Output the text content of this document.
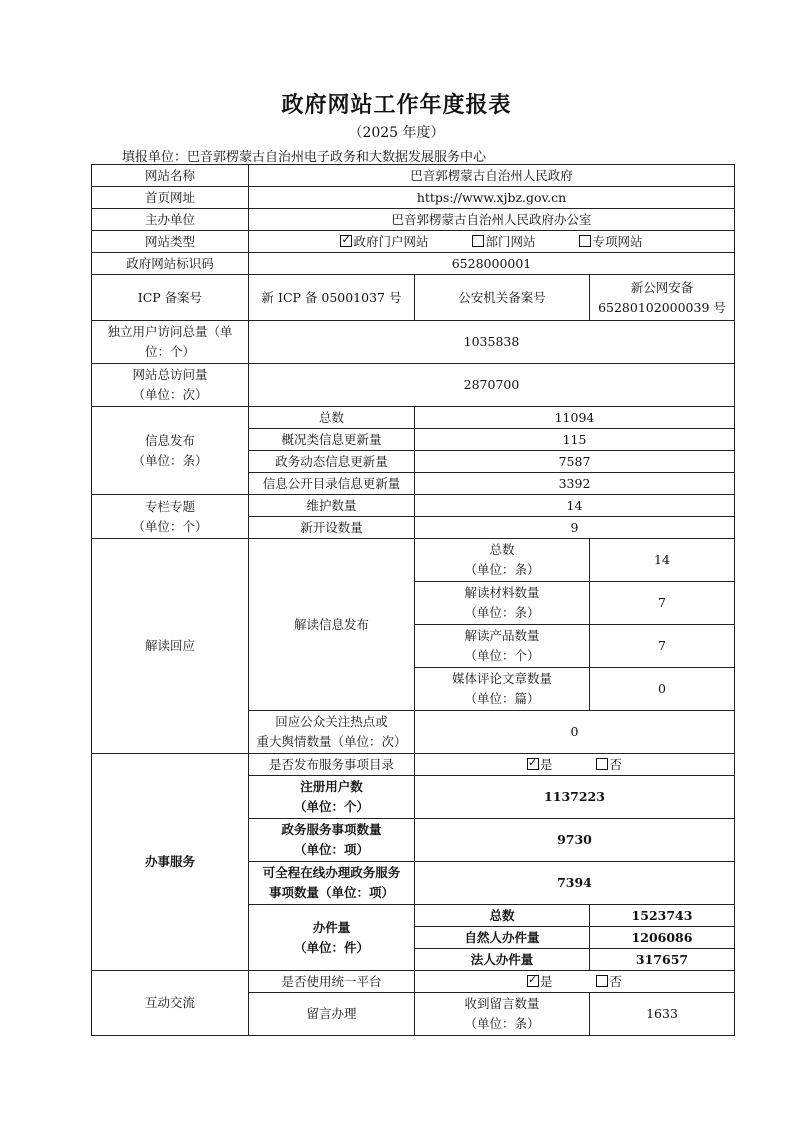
政府网站工作年度报表
（2025 年度）
填报单位：巴音郭楞蒙古自治州电子政务和大数据发展服务中心
网站名称	巴音郭楞蒙古自治州人民政府		
首页网址	https://www.xjbz.gov.cn		
主办单位	巴音郭楞蒙古自治州人民政府办公室		
网站类型	✓政府门户网站 部门网站 专项网站
政府网站标识码	6528000001		
ICP 备案号	新 ICP 备 05001037 号	公安机关备案号	新公网安备
65280102000039 号

独立用户访问总量（单
位：个）	1035838		

网站总访问量
（单位：次）	2870700		

信息发布
（单位：条）	总数	11094	
	概况类信息更新量	115	
	政务动态信息更新量	7587	
	信息公开目录信息更新量	3392	

专栏专题
（单位：个）	维护数量	14	
	新开设数量	9	
解读回应	解读信息发布	总数
（单位：条）	14

		解读材料数量
（单位：条）	7

		解读产品数量
（单位：个）	7

		媒体评论文章数量
（单位：篇）	0

	回应公众关注热点或
重大舆情数量（单位：次）	0	
办事服务	是否发布服务事项目录	✓是 否

	注册用户数
（单位：个）	1137223	

	政务服务事项数量
（单位：项）	9730	

	可全程在线办理政务服务
事项数量（单位：项）	7394	

	办件量
（单位：件）	总数	1523743
		自然人办件量	1206086
		法人办件量	317657
互动交流	是否使用统一平台	✓是 否
	留言办理	收到留言数量
（单位：条）	1633
